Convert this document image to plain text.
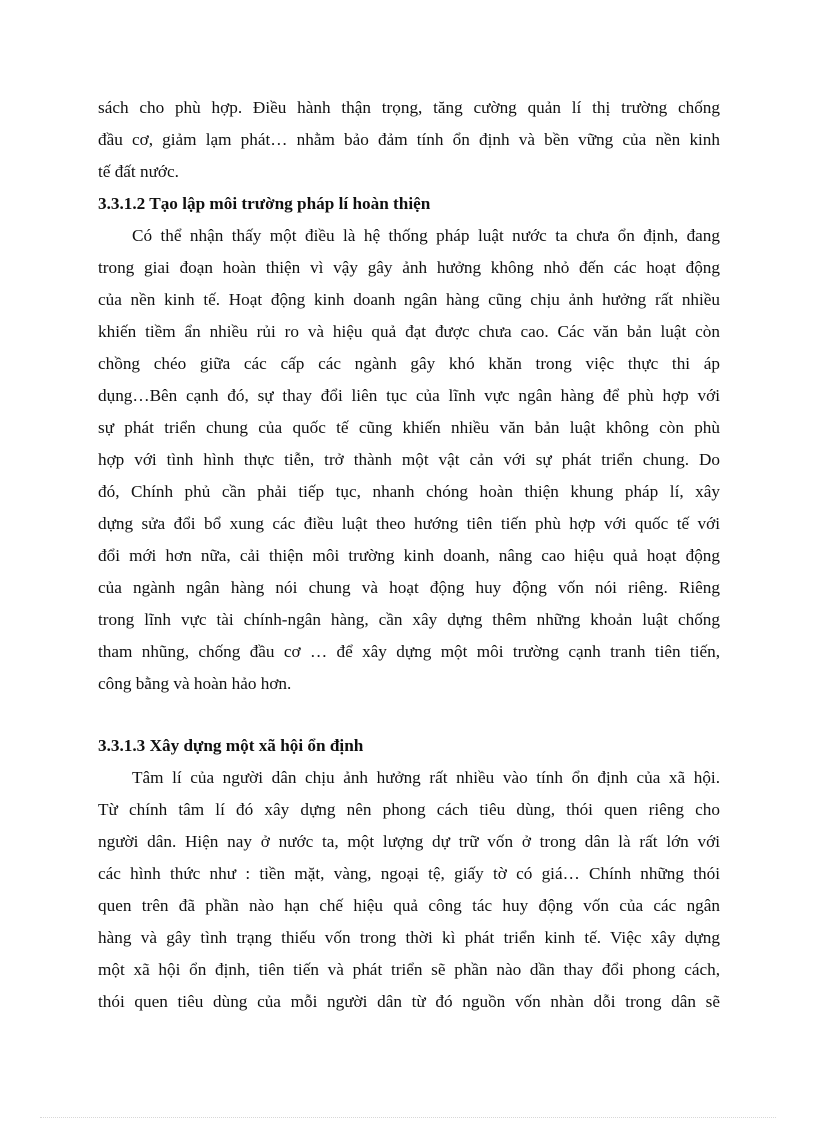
sách cho phù hợp. Điều hành thận trọng, tăng cường quản lí thị trường chống
đầu cơ, giảm lạm phát… nhằm bảo đảm tính ổn định và bền vững của nền kinh
tế đất nước.
3.3.1.2 Tạo lập môi trường pháp lí hoàn thiện
Có thể nhận thấy một điều là hệ thống pháp luật nước ta chưa ổn định, đang
trong giai đoạn hoàn thiện vì vậy gây ảnh hưởng không nhỏ đến các hoạt động
của nền kinh tế. Hoạt động kinh doanh ngân hàng cũng chịu ảnh hưởng rất nhiều
khiến tiềm ẩn nhiều rủi ro và hiệu quả đạt được chưa cao. Các văn bản luật còn
chồng chéo giữa các cấp các ngành gây khó khăn trong việc thực thi áp
dụng…Bên cạnh đó, sự thay đổi liên tục của lĩnh vực ngân hàng để phù hợp với
sự phát triển chung của quốc tế cũng khiến nhiều văn bản luật không còn phù
hợp với tình hình thực tiễn, trở thành một vật cản với sự phát triển chung. Do
đó, Chính phủ cần phải tiếp tục, nhanh chóng hoàn thiện khung pháp lí, xây
dựng sửa đổi bổ xung các điều luật theo hướng tiên tiến phù hợp với quốc tế với
đổi mới hơn nữa, cải thiện môi trường kinh doanh, nâng cao hiệu quả hoạt động
của ngành ngân hàng nói chung và hoạt động huy động vốn nói riêng. Riêng
trong lĩnh vực tài chính-ngân hàng, cần xây dựng thêm những khoản luật chống
tham nhũng, chống đầu cơ … để xây dựng một môi trường cạnh tranh tiên tiến,
công bằng và hoàn hảo hơn.
3.3.1.3 Xây dựng một xã hội ổn định
Tâm lí của người dân chịu ảnh hưởng rất nhiều vào tính ổn định của xã hội.
Từ chính tâm lí đó xây dựng nên phong cách tiêu dùng, thói quen riêng cho
người dân. Hiện nay ở nước ta, một lượng dự trữ vốn ở trong dân là rất lớn với
các hình thức như : tiền mặt, vàng, ngoại tệ, giấy tờ có giá… Chính những thói
quen trên đã phần nào hạn chế hiệu quả công tác huy động vốn của các ngân
hàng và gây tình trạng thiếu vốn trong thời kì phát triển kinh tế. Việc xây dựng
một xã hội ổn định, tiên tiến và phát triển sẽ phần nào dần thay đổi phong cách,
thói quen tiêu dùng của mỗi người dân từ đó nguồn vốn nhàn dỗi trong dân sẽ
